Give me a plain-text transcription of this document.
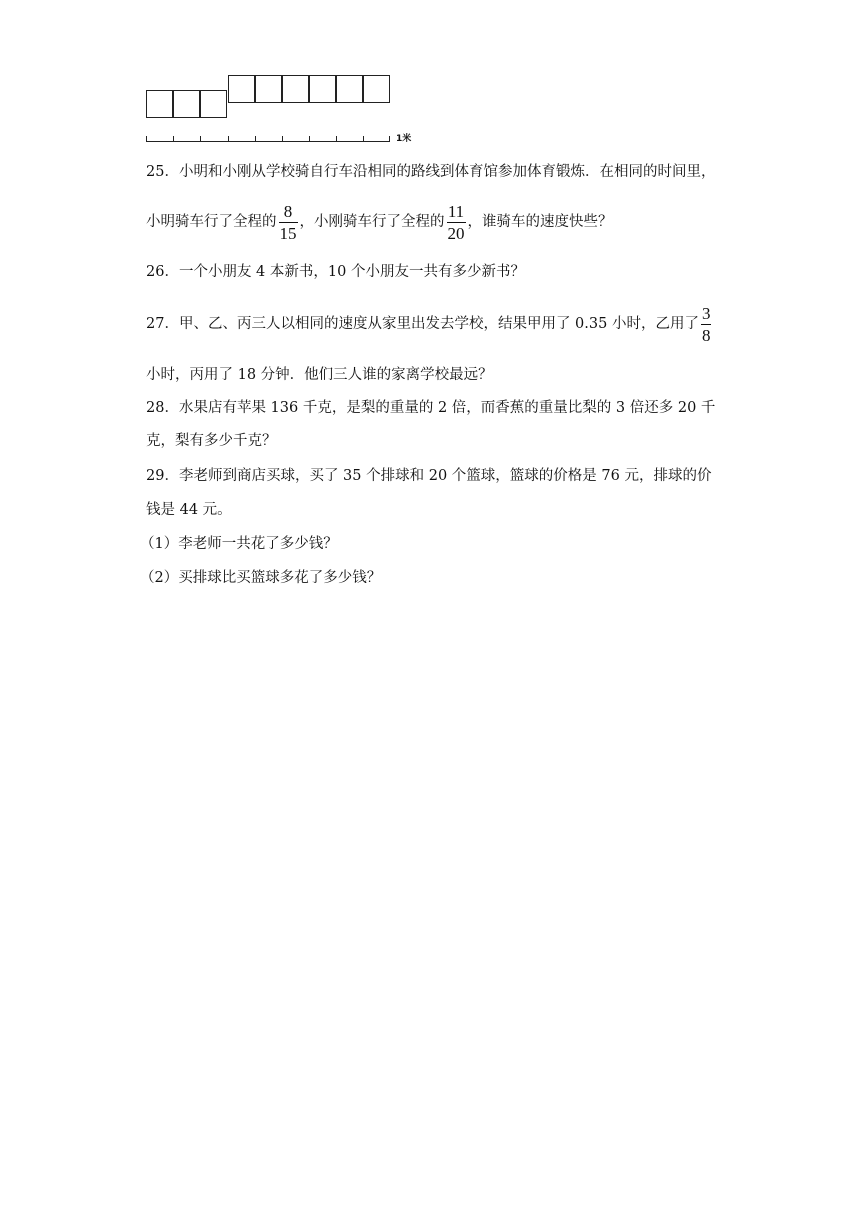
1米
25．小明和小刚从学校骑自行车沿相同的路线到体育馆参加体育锻炼．在相同的时间里，
小明骑车行了全程的 $\frac{8}{15}$ ，小刚骑车行了全程的 $\frac{11}{20}$ ，谁骑车的速度快些？
26．一个小朋友 4 本新书，10 个小朋友一共有多少新书？
27．甲、乙、丙三人以相同的速度从家里出发去学校，结果甲用了 0.35 小时，乙用了 $\frac{3}{8}$
小时，丙用了 18 分钟．他们三人谁的家离学校最远？
28．水果店有苹果 136 千克，是梨的重量的 2 倍，而香蕉的重量比梨的 3 倍还多 20 千
克，梨有多少千克？
29．李老师到商店买球，买了 35 个排球和 20 个篮球，篮球的价格是 76 元，排球的价
钱是 44 元。
（1）李老师一共花了多少钱？
（2）买排球比买篮球多花了多少钱？
